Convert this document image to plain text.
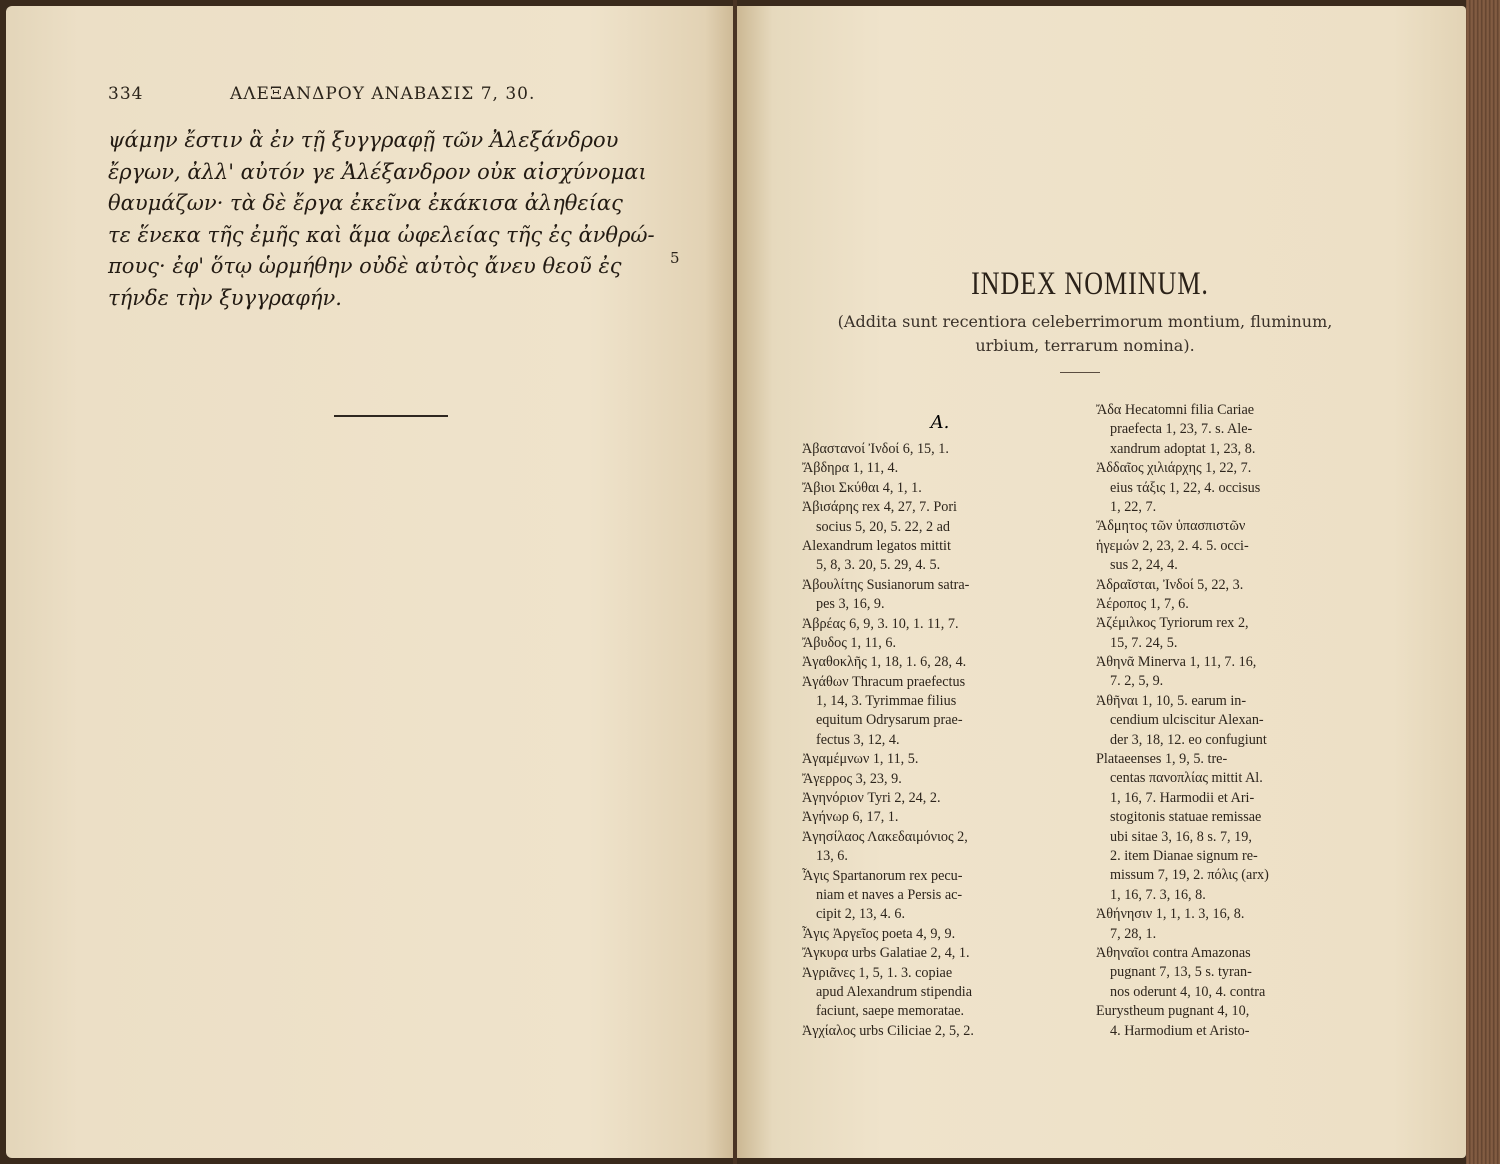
334	ΑΛΕΞΑΝΔΡΟΥ ΑΝΑΒΑΣΙΣ 7, 30.
ψάμην ἔστιν ἃ ἐν τῇ ξυγγραφῇ τῶν Ἀλεξάνδρου
ἔργων, ἀλλ' αὐτόν γε Ἀλέξανδρον οὐκ αἰσχύνομαι
θαυμάζων· τὰ δὲ ἔργα ἐκεῖνα ἐκάκισα ἀληθείας
τε ἕνεκα τῆς ἐμῆς καὶ ἅμα ὠφελείας τῆς ἐς ἀνθρώ-
πους· ἐφ' ὅτῳ ὡρμήθην οὐδὲ αὐτὸς ἄνευ θεοῦ ἐς
τήνδε τὴν ξυγγραφήν.
5
INDEX NOMINUM.
(Addita sunt recentiora celeberrimorum montium, fluminum,
urbium, terrarum nomina).
A.
Ἀβαστανοί Ἰνδοί 6, 15, 1.
Ἄβδηρα 1, 11, 4.
Ἄβιοι Σκύθαι 4, 1, 1.
Ἀβισάρης rex 4, 27, 7. Pori
socius 5, 20, 5. 22, 2 ad
Alexandrum legatos mittit
5, 8, 3. 20, 5. 29, 4. 5.
Ἀβουλίτης Susianorum satra-
pes 3, 16, 9.
Ἀβρέας 6, 9, 3. 10, 1. 11, 7.
Ἄβυδος 1, 11, 6.
Ἀγαθοκλῆς 1, 18, 1. 6, 28, 4.
Ἀγάθων Thracum praefectus
1, 14, 3. Tyrimmae filius
equitum Odrysarum prae-
fectus 3, 12, 4.
Ἀγαμέμνων 1, 11, 5.
Ἄγερρος 3, 23, 9.
Ἀγηνόριον Tyri 2, 24, 2.
Ἀγήνωρ 6, 17, 1.
Ἀγησίλαος Λακεδαιμόνιος 2,
13, 6.
Ἆγις Spartanorum rex pecu-
niam et naves a Persis ac-
cipit 2, 13, 4. 6.
Ἆγις Ἀργεῖος poeta 4, 9, 9.
Ἄγκυρα urbs Galatiae 2, 4, 1.
Ἀγριᾶνες 1, 5, 1. 3. copiae
apud Alexandrum stipendia
faciunt, saepe memoratae.
Ἀγχίαλος urbs Ciliciae 2, 5, 2.
Ἄδα Hecatomni filia Cariae
praefecta 1, 23, 7. s. Ale-
xandrum adoptat 1, 23, 8.
Ἀδδαῖος χιλιάρχης 1, 22, 7.
eius τάξις 1, 22, 4. occisus
1, 22, 7.
Ἄδμητος τῶν ὑπασπιστῶν
ἡγεμών 2, 23, 2. 4. 5. occi-
sus 2, 24, 4.
Ἀδραῖσται, Ἰνδοί 5, 22, 3.
Ἀέροπος 1, 7, 6.
Ἀζέμιλκος Tyriorum rex 2,
15, 7. 24, 5.
Ἀθηνᾶ Minerva 1, 11, 7. 16,
7. 2, 5, 9.
Ἀθῆναι 1, 10, 5. earum in-
cendium ulciscitur Alexan-
der 3, 18, 12. eo confugiunt
Plataeenses 1, 9, 5. tre-
centas πανοπλίας mittit Al.
1, 16, 7. Harmodii et Ari-
stogitonis statuae remissae
ubi sitae 3, 16, 8 s. 7, 19,
2. item Dianae signum re-
missum 7, 19, 2. πόλις (arx)
1, 16, 7. 3, 16, 8.
Ἀθήνησιν 1, 1, 1. 3, 16, 8.
7, 28, 1.
Ἀθηναῖοι contra Amazonas
pugnant 7, 13, 5 s. tyran-
nos oderunt 4, 10, 4. contra
Eurystheum pugnant 4, 10,
4. Harmodium et Aristo-
